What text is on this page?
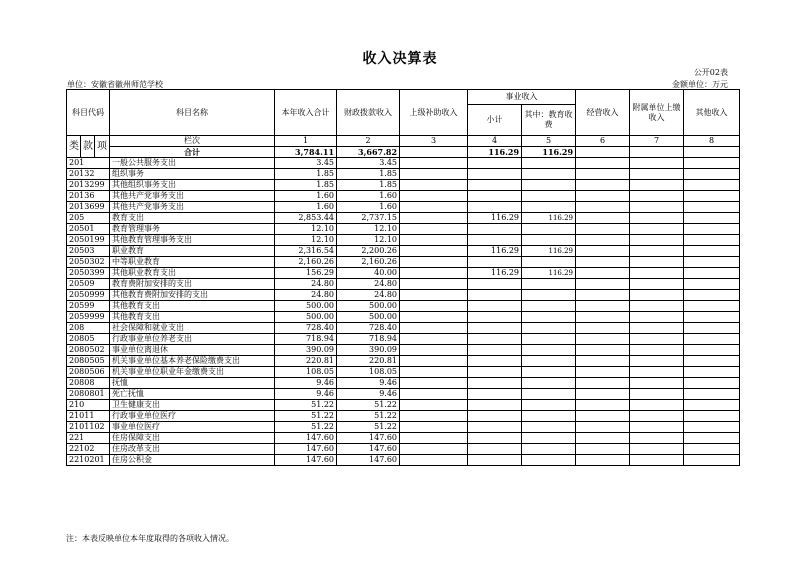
收入决算表
公开02表
单位：安徽省徽州师范学校	金额单位：万元
科目代码			科目名称	本年收入合计	财政拨款收入	上级补助收入	事业收入		经营收入	附属单位上缴收入	其他收入
							小计	其中：教育收费			
类	款	项	栏次	1	2	3	4	5	6	7	8
			合计	3,784.11	3,667.82		116.29	116.29			
201			一般公共服务支出	3.45	3.45						
20132			组织事务	1.85	1.85						
2013299			其他组织事务支出	1.85	1.85						
20136			其他共产党事务支出	1.60	1.60						
2013699			其他共产党事务支出	1.60	1.60						
205			教育支出	2,853.44	2,737.15		116.29	116.29			
20501			教育管理事务	12.10	12.10						
2050199			其他教育管理事务支出	12.10	12.10						
20503			职业教育	2,316.54	2,200.26		116.29	116.29			
2050302			中等职业教育	2,160.26	2,160.26						
2050399			其他职业教育支出	156.29	40.00		116.29	116.29			
20509			教育费附加安排的支出	24.80	24.80						
2050999			其他教育费附加安排的支出	24.80	24.80						
20599			其他教育支出	500.00	500.00						
2059999			其他教育支出	500.00	500.00						
208			社会保障和就业支出	728.40	728.40						
20805			行政事业单位养老支出	718.94	718.94						
2080502			事业单位离退休	390.09	390.09						
2080505			机关事业单位基本养老保险缴费支出	220.81	220.81						
2080506			机关事业单位职业年金缴费支出	108.05	108.05						
20808			抚恤	9.46	9.46						
2080801			死亡抚恤	9.46	9.46						
210			卫生健康支出	51.22	51.22						
21011			行政事业单位医疗	51.22	51.22						
2101102			事业单位医疗	51.22	51.22						
221			住房保障支出	147.60	147.60						
22102			住房改革支出	147.60	147.60						
2210201			住房公积金	147.60	147.60						
注：本表反映单位本年度取得的各项收入情况。
